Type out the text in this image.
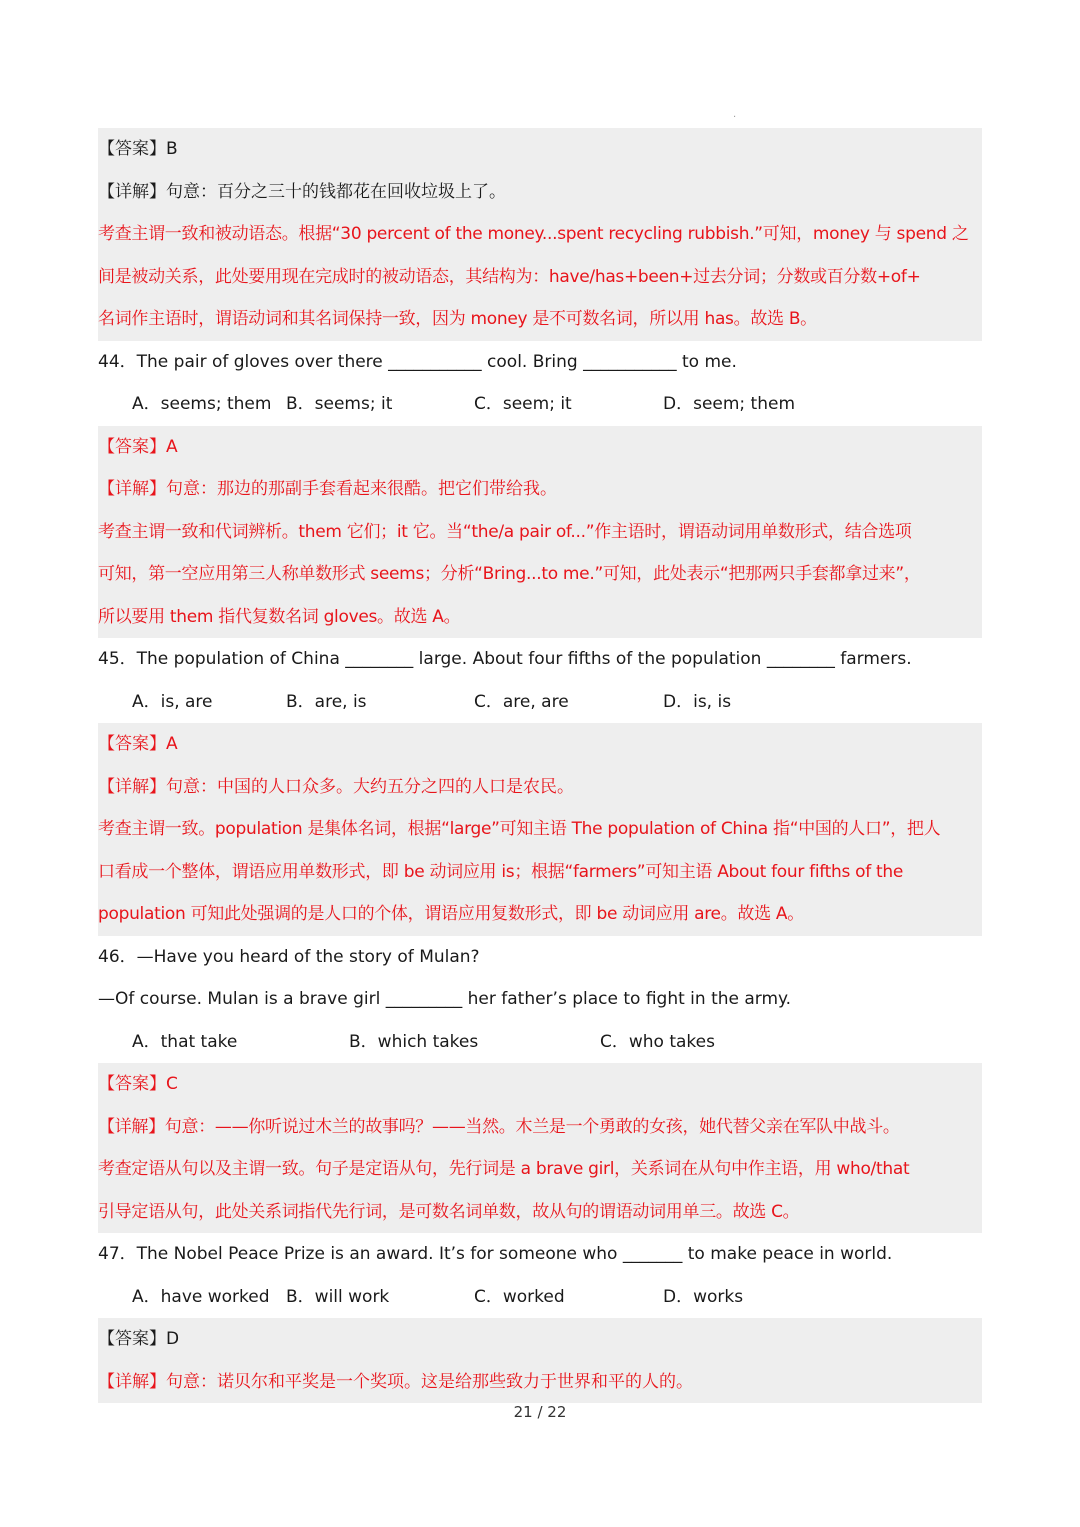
·
【答案】B
【详解】句意：百分之三十的钱都花在回收垃圾上了。
考查主谓一致和被动语态。根据“30 percent of the money...spent recycling rubbish.”可知，money 与 spend 之
间是被动关系，此处要用现在完成时的被动语态，其结构为：have/has+been+过去分词；分数或百分数+of+
名词作主语时，谓语动词和其名词保持一致，因为 money 是不可数名词，所以用 has。故选 B。
44．The pair of gloves over there ___________ cool. Bring ___________ to me.
A．seems; them B．seems; it	C．seem; it	D．seem; them
【答案】A
【详解】句意：那边的那副手套看起来很酷。把它们带给我。
考查主谓一致和代词辨析。them 它们；it 它。当“the/a pair of...”作主语时，谓语动词用单数形式，结合选项
可知，第一空应用第三人称单数形式 seems；分析“Bring...to me.”可知，此处表示“把那两只手套都拿过来”，
所以要用 them 指代复数名词 gloves。故选 A。
45．The population of China ________ large. About four fifths of the population ________ farmers.
A．is, are	B．are, is	C．are, are	D．is, is
【答案】A
【详解】句意：中国的人口众多。大约五分之四的人口是农民。
考查主谓一致。population 是集体名词，根据“large”可知主语 The population of China 指“中国的人口”，把人
口看成一个整体，谓语应用单数形式，即 be 动词应用 is；根据“farmers”可知主语 About four fifths of the
population 可知此处强调的是人口的个体，谓语应用复数形式，即 be 动词应用 are。故选 A。
46．—Have you heard of the story of Mulan?
—Of course. Mulan is a brave girl _________ her father’s place to fight in the army.
A．that take	B．which takes	C．who takes
【答案】C
【详解】句意：——你听说过木兰的故事吗？——当然。木兰是一个勇敢的女孩，她代替父亲在军队中战斗。
考查定语从句以及主谓一致。句子是定语从句，先行词是 a brave girl，关系词在从句中作主语，用 who/that
引导定语从句，此处关系词指代先行词，是可数名词单数，故从句的谓语动词用单三。故选 C。
47．The Nobel Peace Prize is an award. It’s for someone who _______ to make peace in world.
A．have worked B．will work	C．worked	D．works
【答案】D
【详解】句意：诺贝尔和平奖是一个奖项。这是给那些致力于世界和平的人的。
21 / 22
